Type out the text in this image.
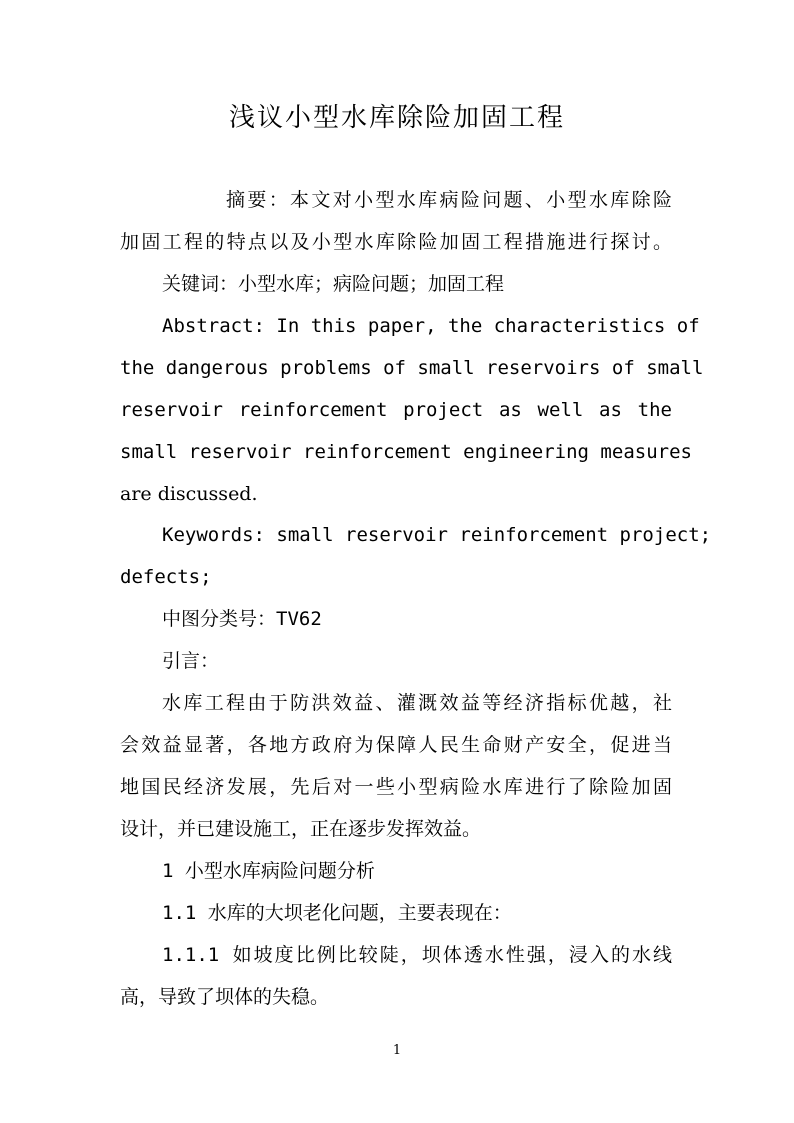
浅议小型水库除险加固工程
摘要：本文对小型水库病险问题、小型水库除险
加固工程的特点以及小型水库除险加固工程措施进行探讨。
关键词：小型水库；病险问题；加固工程
Abstract: In this paper, the characteristics of
the dangerous problems of small reservoirs of small
reservoir reinforcement project as well as the
small reservoir reinforcement engineering measures
are discussed.
Keywords: small reservoir reinforcement project;
defects;
中图分类号：TV62
引言：
水库工程由于防洪效益、灌溉效益等经济指标优越，社
会效益显著，各地方政府为保障人民生命财产安全，促进当
地国民经济发展，先后对一些小型病险水库进行了除险加固
设计，并已建设施工，正在逐步发挥效益。
1 小型水库病险问题分析
1.1 水库的大坝老化问题，主要表现在：
1.1.1 如坡度比例比较陡，坝体透水性强，浸入的水线
高，导致了坝体的失稳。
1
